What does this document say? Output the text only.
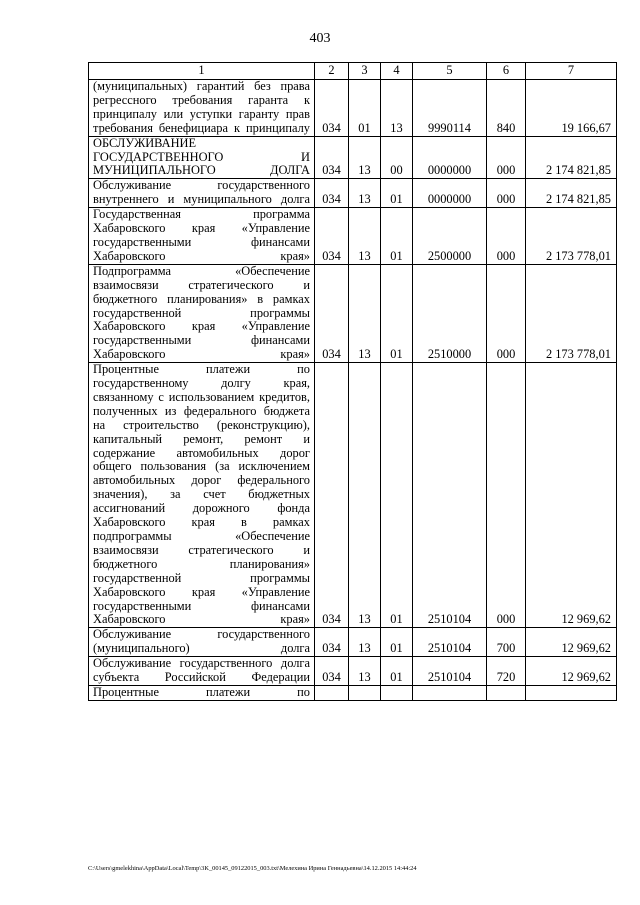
403
1	2	3	4	5	6	7
(муниципальных) гарантий без права регрессного требования гаранта к принципалу или уступки гаранту прав требования бенефициара к принципалу	034	01	13	9990114	840	19 166,67
ОБСЛУЖИВАНИЕ ГОСУДАРСТВЕННОГО И МУНИЦИПАЛЬНОГО ДОЛГА	034	13	00	0000000	000	2 174 821,85
Обслуживание государственного внутреннего и муниципального долга	034	13	01	0000000	000	2 174 821,85
Государственная программа Хабаровского края «Управление государственными финансами Хабаровского края»	034	13	01	2500000	000	2 173 778,01
Подпрограмма «Обеспечение взаимосвязи стратегического и бюджетного планирования» в рамках государственной программы Хабаровского края «Управление государственными финансами Хабаровского края»	034	13	01	2510000	000	2 173 778,01
Процентные платежи по государственному долгу края, связанному с использованием кредитов, полученных из федерального бюджета на строительство (реконструкцию), капитальный ремонт, ремонт и содержание автомобильных дорог общего пользования (за исключением автомобильных дорог федерального значения), за счет бюджетных ассигнований дорожного фонда Хабаровского края в рамках подпрограммы «Обеспечение взаимосвязи стратегического и бюджетного планирования» государственной программы Хабаровского края «Управление государственными финансами Хабаровского края»	034	13	01	2510104	000	12 969,62
Обслуживание государственного (муниципального) долга	034	13	01	2510104	700	12 969,62
Обслуживание государственного долга субъекта Российской Федерации	034	13	01	2510104	720	12 969,62
Процентные платежи по						
C:\Users\gmelekhina\AppData\Local\Temp\3K_00145_09122015_003.txt\Мелехина Ирина Геннадьевна\14.12.2015 14:44:24
